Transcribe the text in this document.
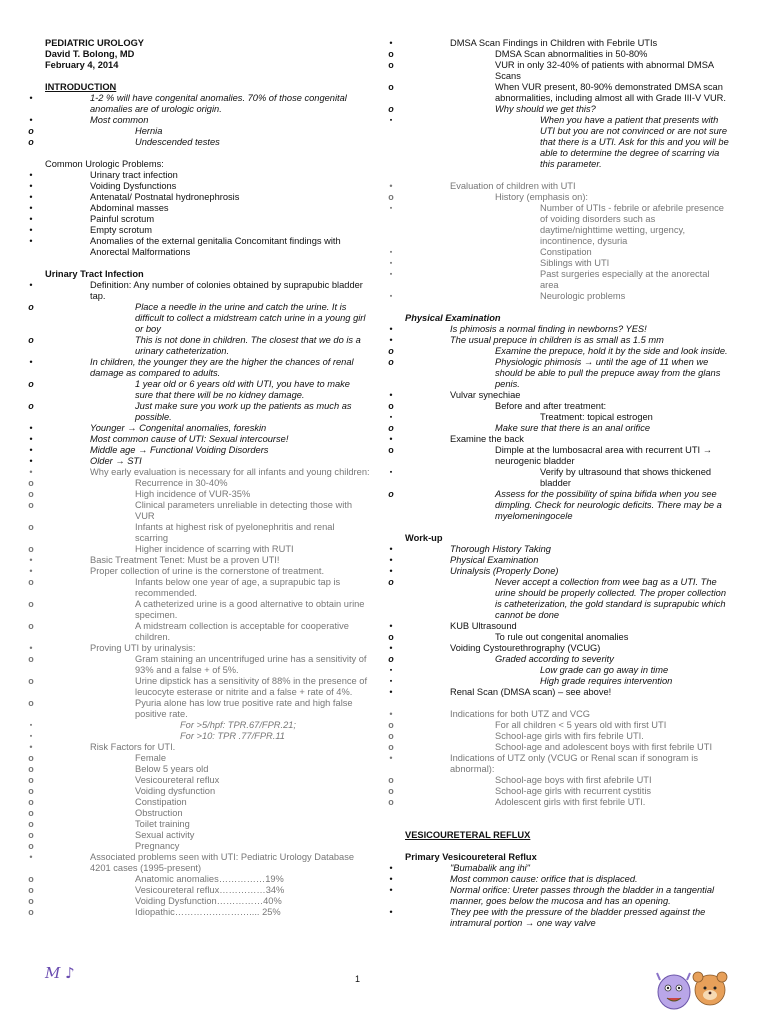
PEDIATRIC UROLOGY
David T. Bolong, MD
February 4, 2014
INTRODUCTION
•	1-2 % will have congenital anomalies. 70% of those congenital anomalies are of urologic origin.
•	Most common
o	Hernia
o	Undescended testes
Common Urologic Problems:
•	Urinary tract infection
•	Voiding Dysfunctions
•	Antenatal/ Postnatal hydronephrosis
•	Abdominal masses
•	Painful scrotum
•	Empty scrotum
•	Anomalies of the external genitalia Concomitant findings with Anorectal Malformations
Urinary Tract Infection
•	Definition: Any number of colonies obtained by suprapubic bladder tap.
o	Place a needle in the urine and catch the urine. It is difficult to collect a midstream catch urine in a young girl or boy
o	This is not done in children. The closest that we do is a urinary catheterization.
•	In children, the younger they are the higher the chances of renal damage as compared to adults.
o	1 year old or 6 years old with UTI, you have to make sure that there will be no kidney damage.
o	Just make sure you work up the patients as much as possible.
•	Younger → Congenital anomalies, foreskin
•	Most common cause of UTI: Sexual intercourse!
•	Middle age → Functional Voiding Disorders
•	Older → STI
•	Why early evaluation is necessary for all infants and young children:
o	Recurrence in 30-40%
o	High incidence of VUR-35%
o	Clinical parameters unreliable in detecting those with VUR
o	Infants at highest risk of pyelonephritis and renal scarring
o	Higher incidence of scarring with RUTI
•	Basic Treatment Tenet: Must be a proven UTI!
•	Proper collection of urine is the cornerstone of treatment.
o	Infants below one year of age, a suprapubic tap is recommended.
o	A catheterized urine is a good alternative to obtain urine specimen.
o	A midstream collection is acceptable for cooperative children.
•	Proving UTI by urinalysis:
o	Gram staining an uncentrifuged urine has a sensitivity of 93% and a false + of 5%.
o	Urine dipstick has a sensitivity of 88% in the presence of leucocyte esterase or nitrite and a false + rate of 4%.
o	Pyuria alone has low true positive rate and high false positive rate.
▪	For >5/hpf: TPR.67/FPR.21;
▪	For >10: TPR .77/FPR.11
•	Risk Factors for UTI.
o	Female
o	Below 5 years old
o	Vesicoureteral reflux
o	Voiding dysfunction
o	Constipation
o	Obstruction
o	Toilet training
o	Sexual activity
o	Pregnancy
•	Associated problems seen with UTI: Pediatric Urology Database 4201 cases (1995-present)
o	Anatomic anomalies……………19%
o	Vesicoureteral reflux……………34%
o	Voiding Dysfunction……………40%
o	Idiopathic…………………….... 25%
•	DMSA Scan Findings in Children with Febrile UTIs
o	DMSA Scan abnormalities in 50-80%
o	VUR in only 32-40% of patients with abnormal DMSA Scans
o	When VUR present, 80-90% demonstrated DMSA scan abnormalities, including almost all with Grade III-V VUR.
o	Why should we get this?
▪	When you have a patient that presents with UTI but you are not convinced or are not sure that there is a UTI. Ask for this and you will be able to determine the degree of scarring via this parameter.
•	Evaluation of children with UTI
o	History (emphasis on):
▪	Number of UTIs - febrile or afebrile presence of voiding disorders such as daytime/nighttime wetting, urgency, incontinence, dysuria
▪	Constipation
▪	Siblings with UTI
▪	Past surgeries especially at the anorectal area
▪	Neurologic problems
Physical Examination
•	Is phimosis a normal finding in newborns? YES!
•	The usual prepuce in children is as small as 1.5 mm
o	Examine the prepuce, hold it by the side and look inside.
o	Physiologic phimosis → until the age of 11 when we should be able to pull the prepuce away from the glans penis.
•	Vulvar synechiae
o	Before and after treatment:
▪	Treatment: topical estrogen
o	Make sure that there is an anal orifice
•	Examine the back
o	Dimple at the lumbosacral area with recurrent UTI → neurogenic bladder
▪	Verify by ultrasound that shows thickened bladder
o	Assess for the possibility of spina bifida when you see dimpling. Check for neurologic deficits. There may be a myelomeningocele
Work-up
•	Thorough History Taking
•	Physical Examination
•	Urinalysis (Properly Done)
o	Never accept a collection from wee bag as a UTI. The urine should be properly collected. The proper collection is catheterization, the gold standard is suprapubic which cannot be done
•	KUB Ultrasound
o	To rule out congenital anomalies
•	Voiding Cystourethrography (VCUG)
o	Graded according to severity
▪	Low grade can go away in time
▪	High grade requires intervention
•	Renal Scan (DMSA scan) – see above!
•	Indications for both UTZ and VCG
o	For all children < 5 years old with first UTI
o	School-age girls with firs febrile UTI.
o	School-age and adolescent boys with first febrile UTI
•	Indications of UTZ only (VCUG or Renal scan if sonogram is abnormal):
o	School-age boys with first afebrile UTI
o	School-age girls with recurrent cystitis
o	Adolescent girls with first febrile UTI.
VESICOURETERAL REFLUX
Primary Vesicoureteral Reflux
•	"Bumabalik ang ihi"
•	Most common cause: orifice that is displaced.
•	Normal orifice: Ureter passes through the bladder in a tangential manner, goes below the mucosa and has an opening.
•	They pee with the pressure of the bladder pressed against the intramural portion → one way valve
M ♪	1
